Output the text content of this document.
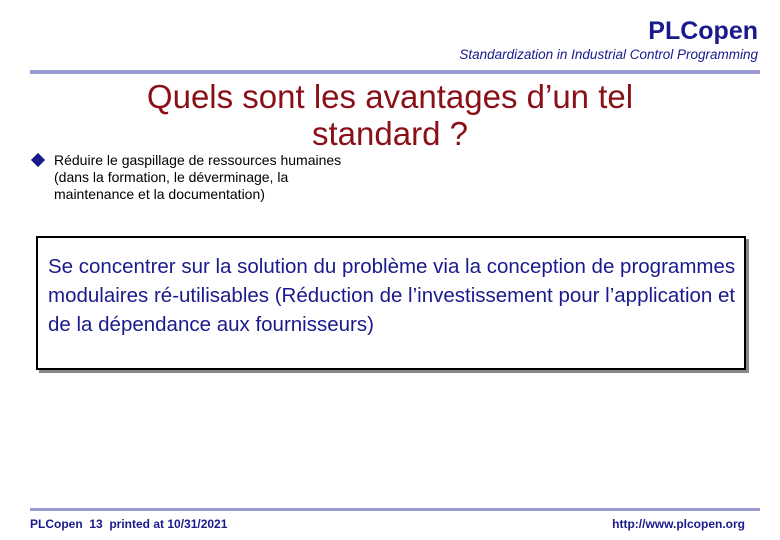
PLCopen
Standardization in Industrial Control Programming
Quels sont les avantages d’un tel standard ?
Réduire le gaspillage de ressources humaines (dans la formation, le déverminage, la maintenance et la documentation)
Se concentrer sur la solution du problème via la conception de programmes modulaires ré-utilisables (Réduction de l’investissement pour l’application et de la dépendance aux fournisseurs)
PLCopen  13  printed at 10/31/2021	http://www.plcopen.org
